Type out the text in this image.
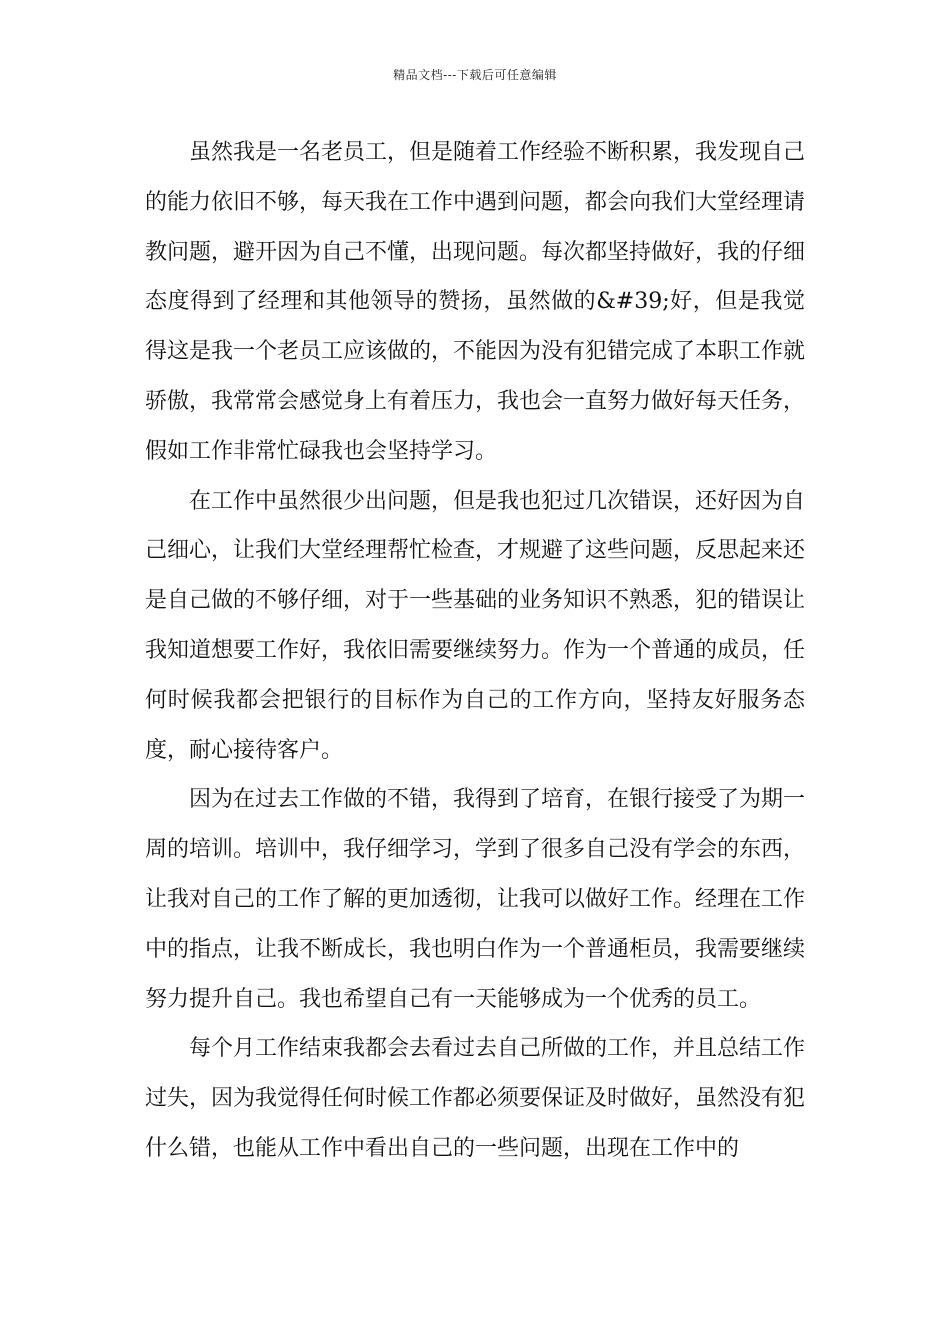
精品文档---下载后可任意编辑

虽然我是一名老员工，但是随着工作经验不断积累，我发现自己的能力依旧不够，每天我在工作中遇到问题，都会向我们大堂经理请教问题，避开因为自己不懂，出现问题。每次都坚持做好，我的仔细态度得到了经理和其他领导的赞扬，虽然做的&#39;好，但是我觉得这是我一个老员工应该做的，不能因为没有犯错完成了本职工作就骄傲，我常常会感觉身上有着压力，我也会一直努力做好每天任务，假如工作非常忙碌我也会坚持学习。

在工作中虽然很少出问题，但是我也犯过几次错误，还好因为自己细心，让我们大堂经理帮忙检查，才规避了这些问题，反思起来还是自己做的不够仔细，对于一些基础的业务知识不熟悉，犯的错误让我知道想要工作好，我依旧需要继续努力。作为一个普通的成员，任何时候我都会把银行的目标作为自己的工作方向，坚持友好服务态度，耐心接待客户。

因为在过去工作做的不错，我得到了培育，在银行接受了为期一周的培训。培训中，我仔细学习，学到了很多自己没有学会的东西，让我对自己的工作了解的更加透彻，让我可以做好工作。经理在工作中的指点，让我不断成长，我也明白作为一个普通柜员，我需要继续努力提升自己。我也希望自己有一天能够成为一个优秀的员工。

每个月工作结束我都会去看过去自己所做的工作，并且总结工作过失，因为我觉得任何时候工作都必须要保证及时做好，虽然没有犯什么错，也能从工作中看出自己的一些问题，出现在工作中的
